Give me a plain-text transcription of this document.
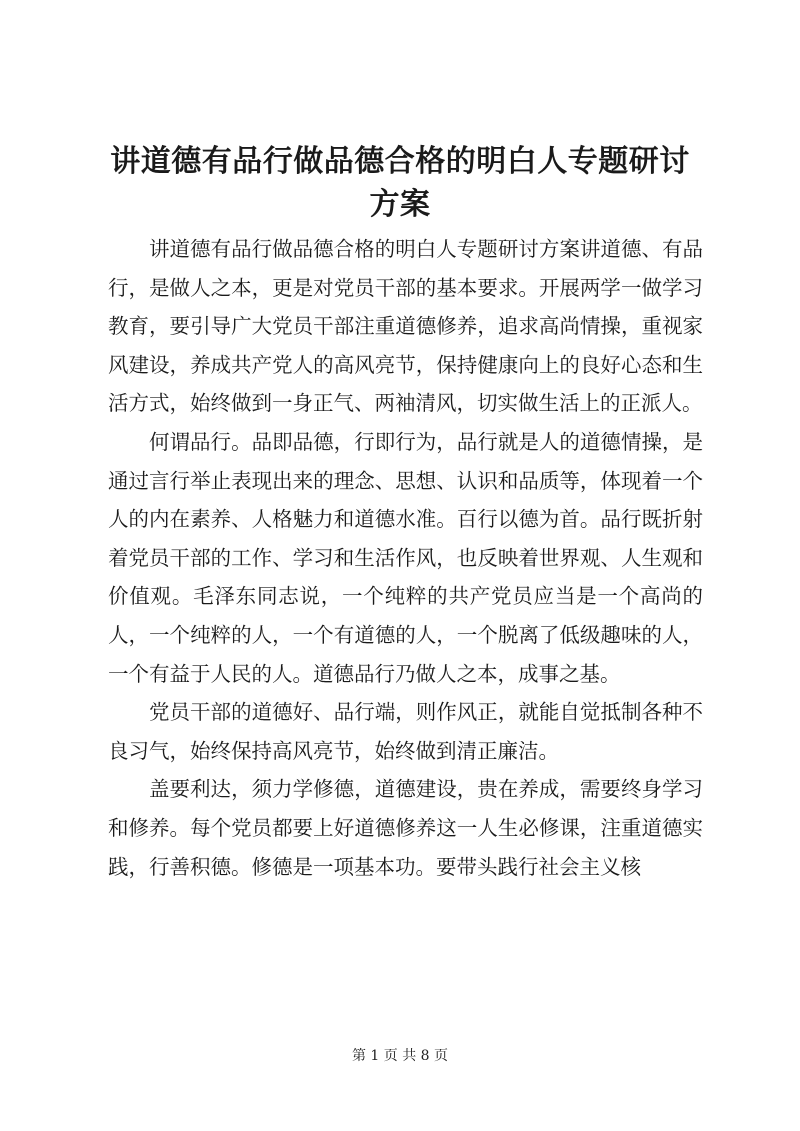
讲道德有品行做品德合格的明白人专题研讨方案

讲道德有品行做品德合格的明白人专题研讨方案讲道德、有品行，是做人之本，更是对党员干部的基本要求。开展两学一做学习教育，要引导广大党员干部注重道德修养，追求高尚情操，重视家风建设，养成共产党人的高风亮节，保持健康向上的良好心态和生活方式，始终做到一身正气、两袖清风，切实做生活上的正派人。

何谓品行。品即品德，行即行为，品行就是人的道德情操，是通过言行举止表现出来的理念、思想、认识和品质等，体现着一个人的内在素养、人格魅力和道德水准。百行以德为首。品行既折射着党员干部的工作、学习和生活作风，也反映着世界观、人生观和价值观。毛泽东同志说，一个纯粹的共产党员应当是一个高尚的人，一个纯粹的人，一个有道德的人，一个脱离了低级趣味的人，一个有益于人民的人。道德品行乃做人之本，成事之基。

党员干部的道德好、品行端，则作风正，就能自觉抵制各种不良习气，始终保持高风亮节，始终做到清正廉洁。

盖要利达，须力学修德，道德建设，贵在养成，需要终身学习和修养。每个党员都要上好道德修养这一人生必修课，注重道德实践，行善积德。修德是一项基本功。要带头践行社会主义核

第 1 页 共 8 页
